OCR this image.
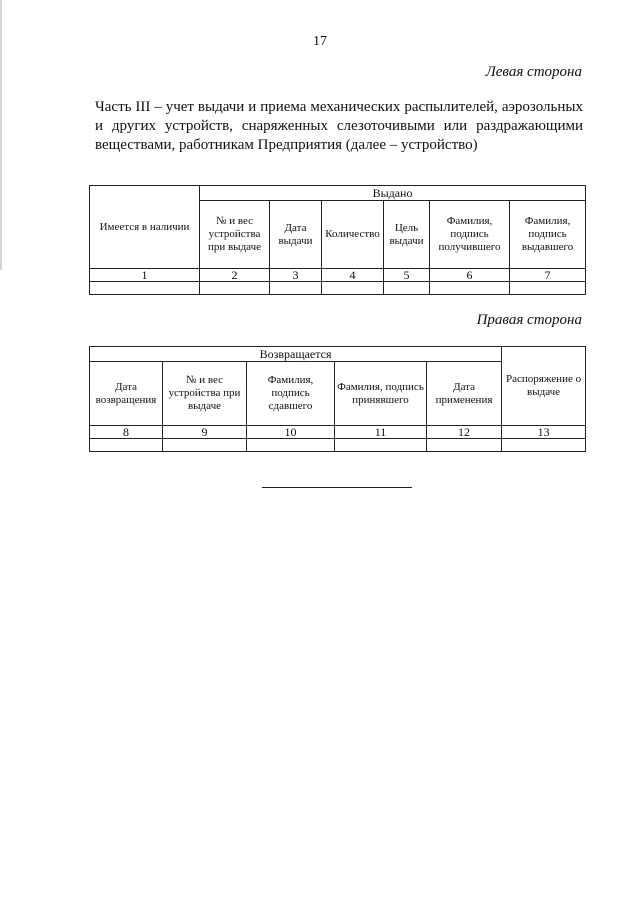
17
Левая сторона

Часть III – учет выдачи и приема механических распылителей, аэрозольных и других устройств, снаряженных слезоточивыми или раздражающими веществами, работникам Предприятия (далее – устройство)

Имеется в наличии	Выдано					
	№ и вес устройства при выдаче	Дата выдачи	Количество	Цель выдачи	Фамилия, подпись получившего	Фамилия, подпись выдавшего
1	2	3	4	5	6	7

Правая сторона
Возвращается					Распоряжение о выдаче
Дата возвращения	№ и вес устройства при выдаче	Фамилия, подпись сдавшего	Фамилия, подпись принявшего	Дата применения	
8	9	10	11	12	13
